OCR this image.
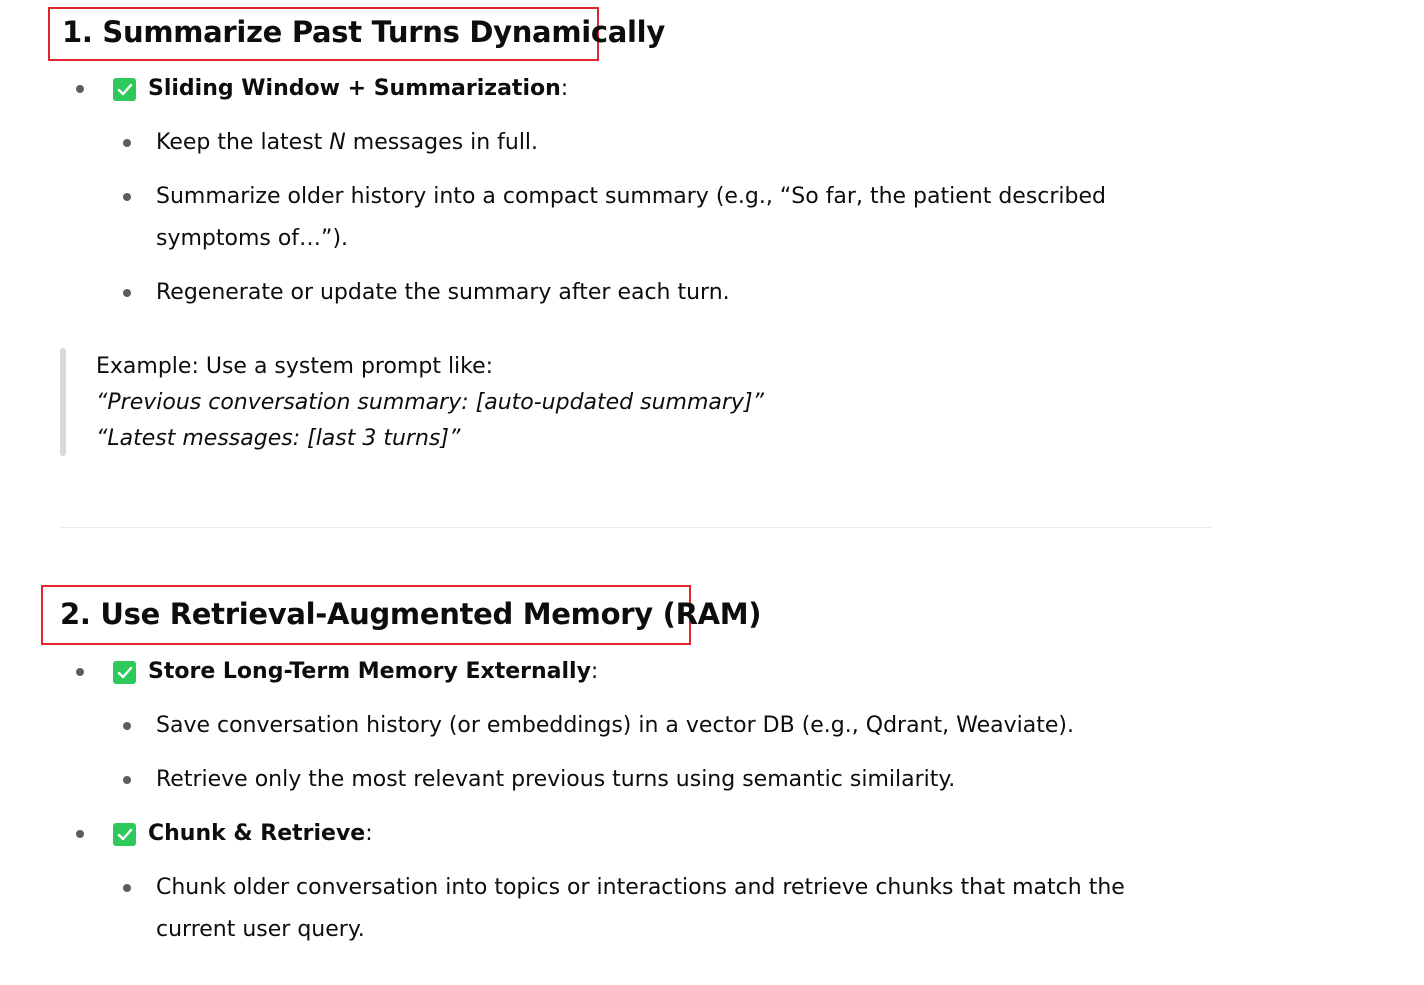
1. Summarize Past Turns Dynamically
Sliding Window + Summarization:
Keep the latest N messages in full.
Summarize older history into a compact summary (e.g., “So far, the patient described symptoms of…”).
Regenerate or update the summary after each turn.
Example: Use a system prompt like:
“Previous conversation summary: [auto-updated summary]”
“Latest messages: [last 3 turns]”
2. Use Retrieval-Augmented Memory (RAM)
Store Long-Term Memory Externally:
Save conversation history (or embeddings) in a vector DB (e.g., Qdrant, Weaviate).
Retrieve only the most relevant previous turns using semantic similarity.
Chunk & Retrieve:
Chunk older conversation into topics or interactions and retrieve chunks that match the current user query.
